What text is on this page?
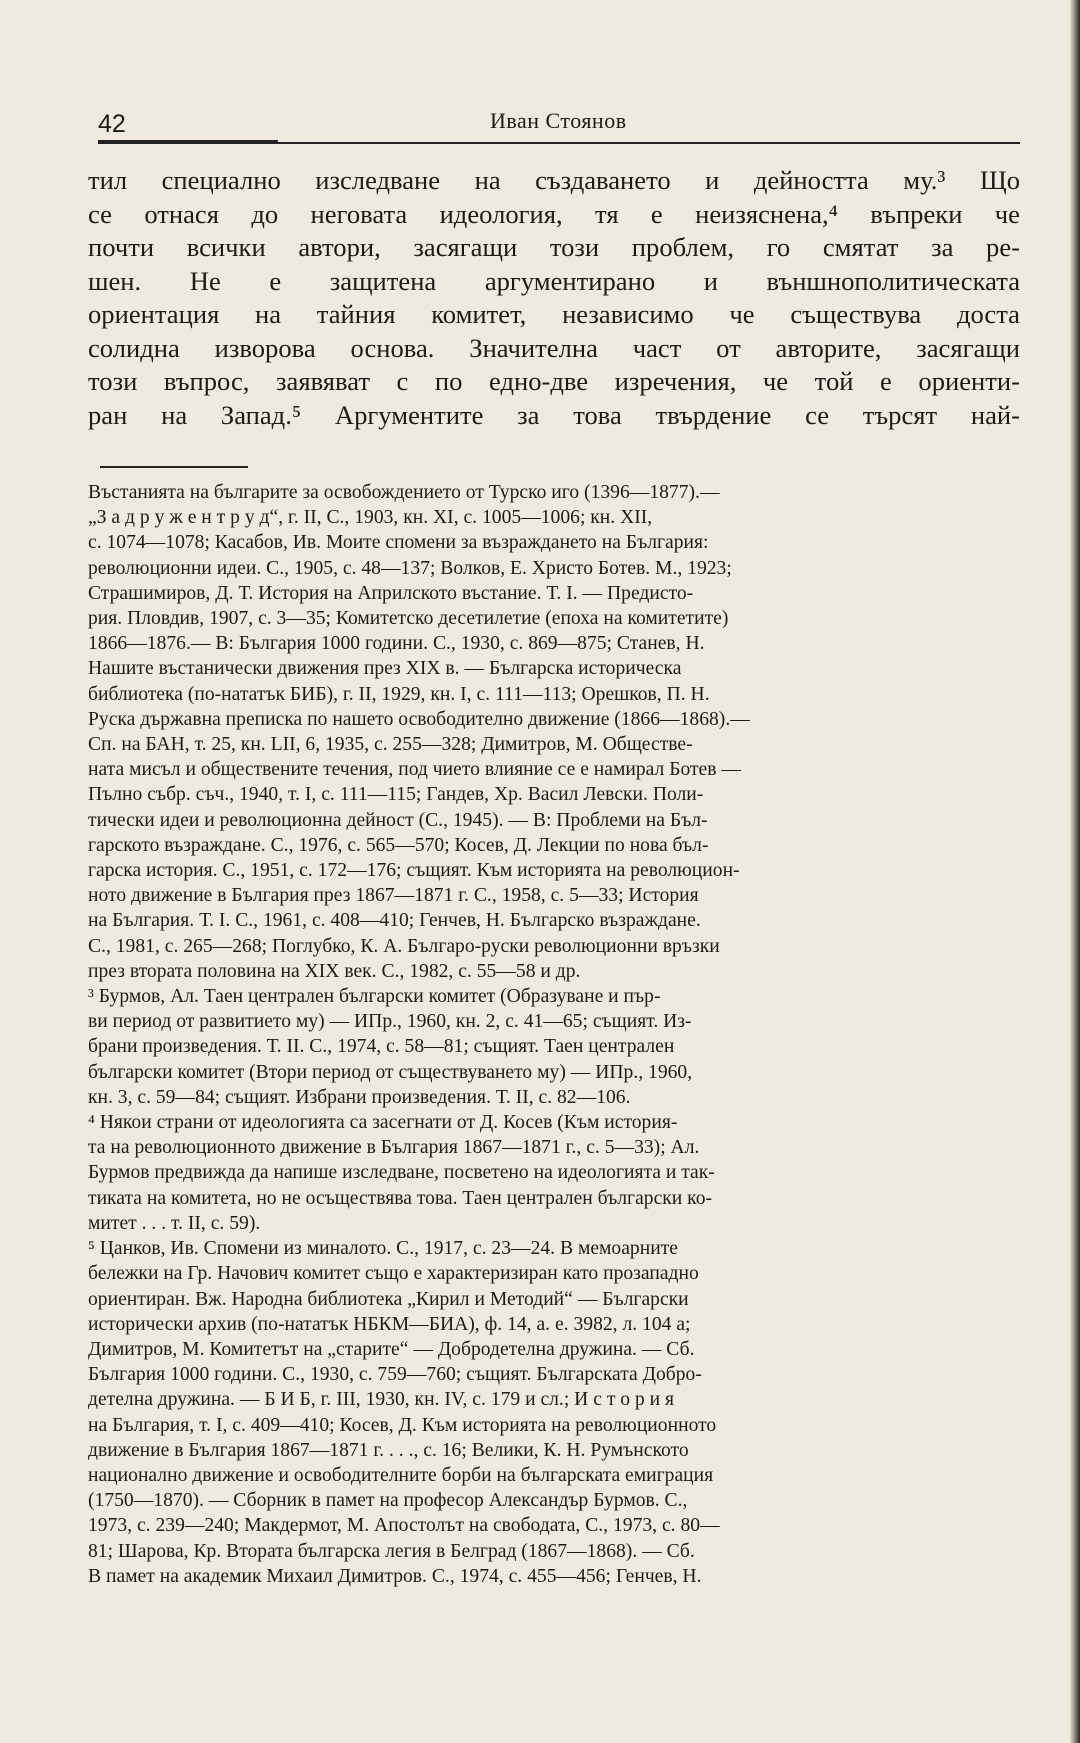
42	Иван Стоянов
тил специално изследване на създаването и дейността му.³ Що
се отнася до неговата идеология, тя е неизяснена,⁴ въпреки че
почти всички автори, засягащи този проблем, го смятат за ре-
шен. Не е защитена аргументирано и външнополитическата
ориентация на тайния комитет, независимо че съществува доста
солидна изворова основа. Значителна част от авторите, засягащи
този въпрос, заявяват с по едно-две изречения, че той е ориенти-
ран на Запад.⁵ Аргументите за това твърдение се търсят най-
Въстанията на българите за освобождението от Турско иго (1396—1877).—
„З а д р у ж е н т р у д“, г. II, С., 1903, кн. XI, с. 1005—1006; кн. XII,
с. 1074—1078; Касабов, Ив. Моите спомени за възраждането на България:
революционни идеи. С., 1905, с. 48—137; Волков, Е. Христо Ботев. М., 1923;
Страшимиров, Д. Т. История на Априлското въстание. Т. I. — Предисто-
рия. Пловдив, 1907, с. 3—35; Комитетско десетилетие (епоха на комитетите)
1866—1876.— В: България 1000 години. С., 1930, с. 869—875; Станев, Н.
Нашите въстанически движения през XIX в. — Българска историческа
библиотека (по-нататък БИБ), г. II, 1929, кн. I, с. 111—113; Орешков, П. Н.
Руска държавна преписка по нашето освободително движение (1866—1868).—
Сп. на БАН, т. 25, кн. LII, 6, 1935, с. 255—328; Димитров, М. Обществе-
ната мисъл и обществените течения, под чието влияние се е намирал Ботев —
Пълно събр. съч., 1940, т. I, с. 111—115; Гандев, Хр. Васил Левски. Поли-
тически идеи и революционна дейност (С., 1945). — В: Проблеми на Бъл-
гарското възраждане. С., 1976, с. 565—570; Косев, Д. Лекции по нова бъл-
гарска история. С., 1951, с. 172—176; същият. Към историята на революцион-
ното движение в България през 1867—1871 г. С., 1958, с. 5—33; История
на България. Т. I. С., 1961, с. 408—410; Генчев, Н. Българско възраждане.
С., 1981, с. 265—268; Поглубко, К. А. Българо-руски революционни връзки
през втората половина на XIX век. С., 1982, с. 55—58 и др.
³ Бурмов, Ал. Таен централен български комитет (Образуване и пър-
ви период от развитието му) — ИПр., 1960, кн. 2, с. 41—65; същият. Из-
брани произведения. Т. II. С., 1974, с. 58—81; същият. Таен централен
български комитет (Втори период от съществуването му) — ИПр., 1960,
кн. 3, с. 59—84; същият. Избрани произведения. Т. II, с. 82—106.
⁴ Някои страни от идеологията са засегнати от Д. Косев (Към история-
та на революционното движение в България 1867—1871 г., с. 5—33); Ал.
Бурмов предвижда да напише изследване, посветено на идеологията и так-
тиката на комитета, но не осъществява това. Таен централен български ко-
митет . . . т. II, с. 59).
⁵ Цанков, Ив. Спомени из миналото. С., 1917, с. 23—24. В мемоарните
бележки на Гр. Начович комитет също е характеризиран като прозападно
ориентиран. Вж. Народна библиотека „Кирил и Методий“ — Български
исторически архив (по-нататък НБКМ—БИА), ф. 14, а. е. 3982, л. 104 а;
Димитров, М. Комитетът на „старите“ — Добродетелна дружина. — Сб.
България 1000 години. С., 1930, с. 759—760; същият. Българската Добро-
детелна дружина. — Б И Б, г. III, 1930, кн. IV, с. 179 и сл.; И с т о р и я
на България, т. I, с. 409—410; Косев, Д. Към историята на революционното
движение в България 1867—1871 г. . . ., с. 16; Велики, К. Н. Румънското
национално движение и освободителните борби на българската емиграция
(1750—1870). — Сборник в памет на професор Александър Бурмов. С.,
1973, с. 239—240; Макдермот, М. Апостолът на свободата, С., 1973, с. 80—
81; Шарова, Кр. Втората българска легия в Белград (1867—1868). — Сб.
В памет на академик Михаил Димитров. С., 1974, с. 455—456; Генчев, Н.
